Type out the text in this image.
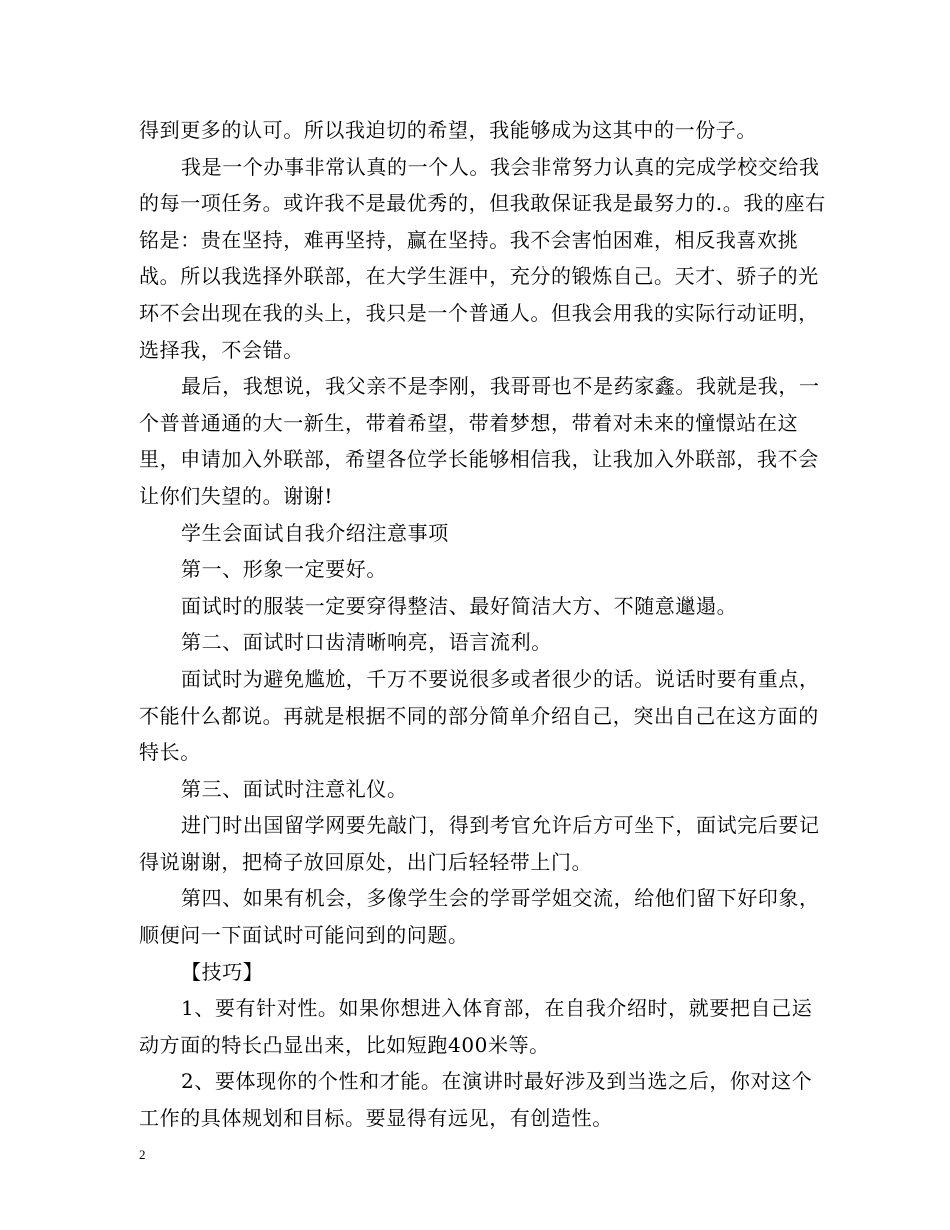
得到更多的认可。所以我迫切的希望，我能够成为这其中的一份子。

我是一个办事非常认真的一个人。我会非常努力认真的完成学校交给我的每一项任务。或许我不是最优秀的，但我敢保证我是最努力的.。我的座右铭是：贵在坚持，难再坚持，赢在坚持。我不会害怕困难，相反我喜欢挑战。所以我选择外联部，在大学生涯中，充分的锻炼自己。天才、骄子的光环不会出现在我的头上，我只是一个普通人。但我会用我的实际行动证明，选择我，不会错。

最后，我想说，我父亲不是李刚，我哥哥也不是药家鑫。我就是我，一个普普通通的大一新生，带着希望，带着梦想，带着对未来的憧憬站在这里，申请加入外联部，希望各位学长能够相信我，让我加入外联部，我不会让你们失望的。谢谢!

学生会面试自我介绍注意事项

第一、形象一定要好。

面试时的服装一定要穿得整洁、最好简洁大方、不随意邋遢。

第二、面试时口齿清晰响亮，语言流利。

面试时为避免尴尬，千万不要说很多或者很少的话。说话时要有重点，不能什么都说。再就是根据不同的部分简单介绍自己，突出自己在这方面的特长。

第三、面试时注意礼仪。

进门时出国留学网要先敲门，得到考官允许后方可坐下，面试完后要记得说谢谢，把椅子放回原处，出门后轻轻带上门。

第四、如果有机会，多像学生会的学哥学姐交流，给他们留下好印象，顺便问一下面试时可能问到的问题。

【技巧】

1、要有针对性。如果你想进入体育部，在自我介绍时，就要把自己运动方面的特长凸显出来，比如短跑400米等。

2、要体现你的个性和才能。在演讲时最好涉及到当选之后，你对这个工作的具体规划和目标。要显得有远见，有创造性。

2
